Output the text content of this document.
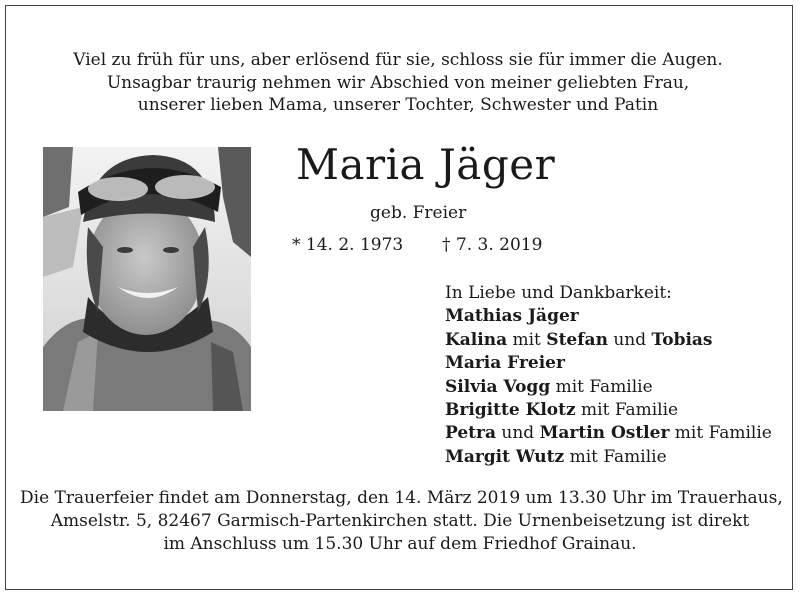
Viel zu früh für uns, aber erlösend für sie, schloss sie für immer die Augen.
Unsagbar traurig nehmen wir Abschied von meiner geliebten Frau,
unserer lieben Mama, unserer Tochter, Schwester und Patin
Maria Jäger
geb. Freier
* 14. 2. 1973 † 7. 3. 2019
In Liebe und Dankbarkeit:
Mathias Jäger
Kalina mit Stefan und Tobias
Maria Freier
Silvia Vogg mit Familie
Brigitte Klotz mit Familie
Petra und Martin Ostler mit Familie
Margit Wutz mit Familie
Die Trauerfeier findet am Donnerstag, den 14. März 2019 um 13.30 Uhr im Trauerhaus,
Amselstr. 5, 82467 Garmisch-Partenkirchen statt. Die Urnenbeisetzung ist direkt
im Anschluss um 15.30 Uhr auf dem Friedhof Grainau.
